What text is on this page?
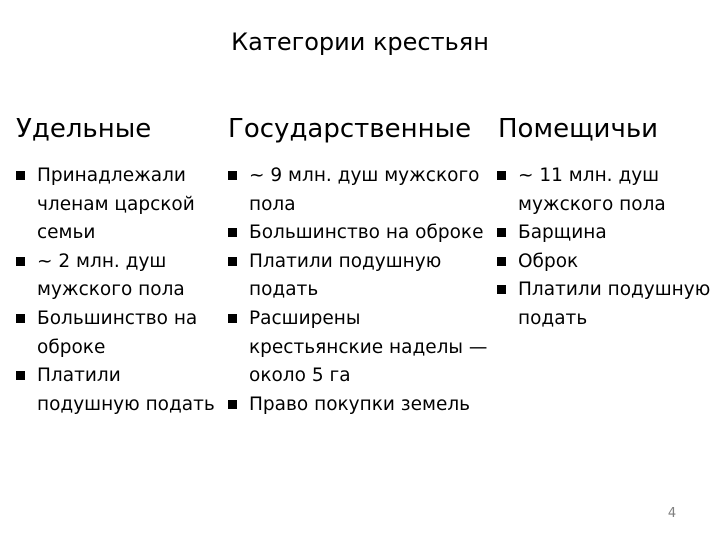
Категории крестьян
Удельные
Принадлежали членам царской семьи
~ 2 млн. душ мужского пола
Большинство на оброке
Платили подушную подать
Государственные
~ 9 млн. душ мужского пола
Большинство на оброке
Платили подушную подать
Расширены крестьянские наделы —около 5 га
Право покупки земель
Помещичьи
~ 11 млн. душ мужского пола
Барщина
Оброк
Платили подушную подать
4
